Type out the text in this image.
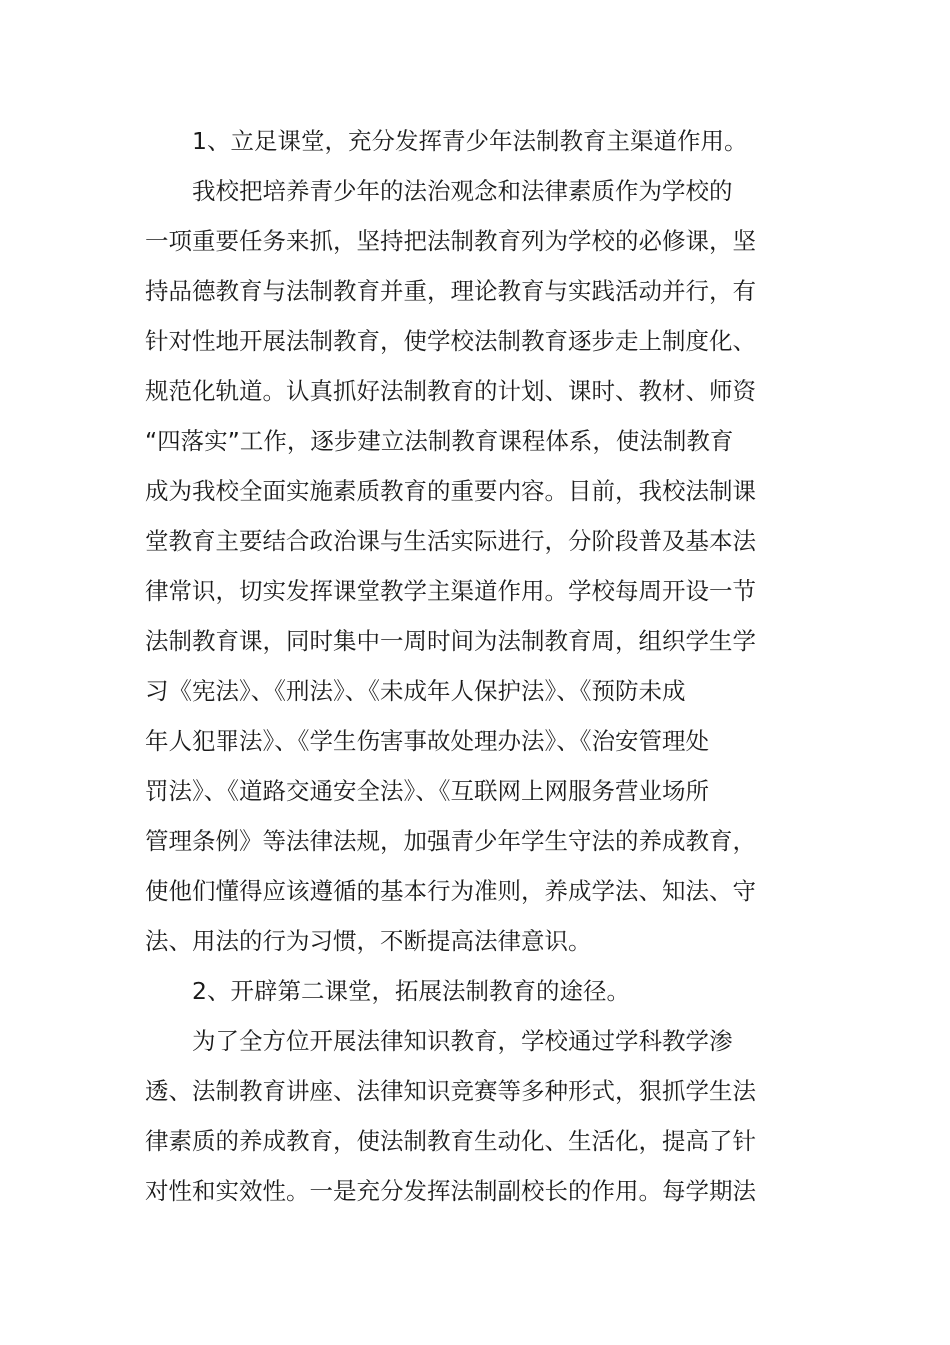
1、立足课堂，充分发挥青少年法制教育主渠道作用。
我校把培养青少年的法治观念和法律素质作为学校的
一项重要任务来抓，坚持把法制教育列为学校的必修课，坚
持品德教育与法制教育并重，理论教育与实践活动并行，有
针对性地开展法制教育，使学校法制教育逐步走上制度化、
规范化轨道。认真抓好法制教育的计划、课时、教材、师资
“四落实”工作，逐步建立法制教育课程体系，使法制教育
成为我校全面实施素质教育的重要内容。目前，我校法制课
堂教育主要结合政治课与生活实际进行，分阶段普及基本法
律常识，切实发挥课堂教学主渠道作用。学校每周开设一节
法制教育课，同时集中一周时间为法制教育周，组织学生学
习《宪法》、《刑法》、《未成年人保护法》、《预防未成
年人犯罪法》、《学生伤害事故处理办法》、《治安管理处
罚法》、《道路交通安全法》、《互联网上网服务营业场所
管理条例》等法律法规，加强青少年学生守法的养成教育，
使他们懂得应该遵循的基本行为准则，养成学法、知法、守
法、用法的行为习惯，不断提高法律意识。
2、开辟第二课堂，拓展法制教育的途径。
为了全方位开展法律知识教育，学校通过学科教学渗
透、法制教育讲座、法律知识竞赛等多种形式，狠抓学生法
律素质的养成教育，使法制教育生动化、生活化，提高了针
对性和实效性。一是充分发挥法制副校长的作用。每学期法
